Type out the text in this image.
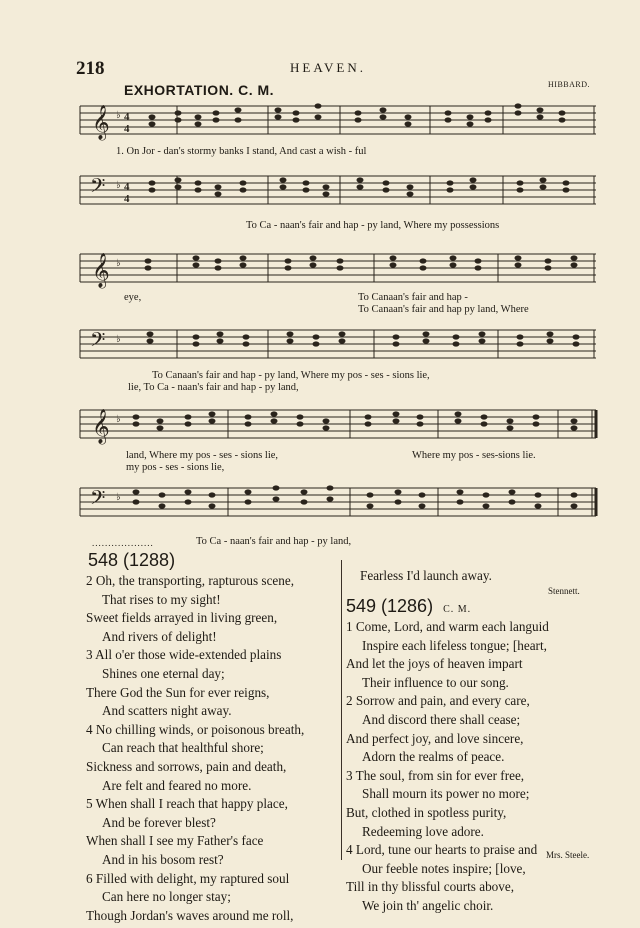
218	HEAVEN.
EXHORTATION. C. M.	HIBBARD.
𝄞 ♭ 4
4
1. On Jor - dan's stormy banks I stand, And cast a wish - ful
𝄢 ♭ 4
4
To Ca - naan's fair and hap - py land, Where my possessions
𝄞 ♭
eye,	To Canaan's fair and hap -
To Canaan's fair and hap py land, Where
𝄢 ♭
To Canaan's fair and hap - py land, Where my pos - ses - sions lie,
lie, To Ca - naan's fair and hap - py land,
𝄞 ♭
land, Where my pos - ses - sions lie,	Where my pos - ses-sions lie.
my pos - ses - sions lie,
𝄢 ♭
To Ca - naan's fair and hap - py land,
...................
548 (1288)
2 Oh, the transporting, rapturous scene,
That rises to my sight!
Sweet fields arrayed in living green,
And rivers of delight!
3 All o'er those wide-extended plains
Shines one eternal day;
There God the Sun for ever reigns,
And scatters night away.
4 No chilling winds, or poisonous breath,
Can reach that healthful shore;
Sickness and sorrows, pain and death,
Are felt and feared no more.
5 When shall I reach that happy place,
And be forever blest?
When shall I see my Father's face
And in his bosom rest?
6 Filled with delight, my raptured soul
Can here no longer stay;
Though Jordan's waves around me roll,
Fearless I'd launch away.
Stennett.
549 (1286) C. M.
1 Come, Lord, and warm each languid
Inspire each lifeless tongue; [heart,
And let the joys of heaven impart
Their influence to our song.
2 Sorrow and pain, and every care,
And discord there shall cease;
And perfect joy, and love sincere,
Adorn the realms of peace.
3 The soul, from sin for ever free,
Shall mourn its power no more;
But, clothed in spotless purity,
Redeeming love adore.
4 Lord, tune our hearts to praise and
Our feeble notes inspire; [love,
Till in thy blissful courts above,
We join th' angelic choir.
Mrs. Steele.
